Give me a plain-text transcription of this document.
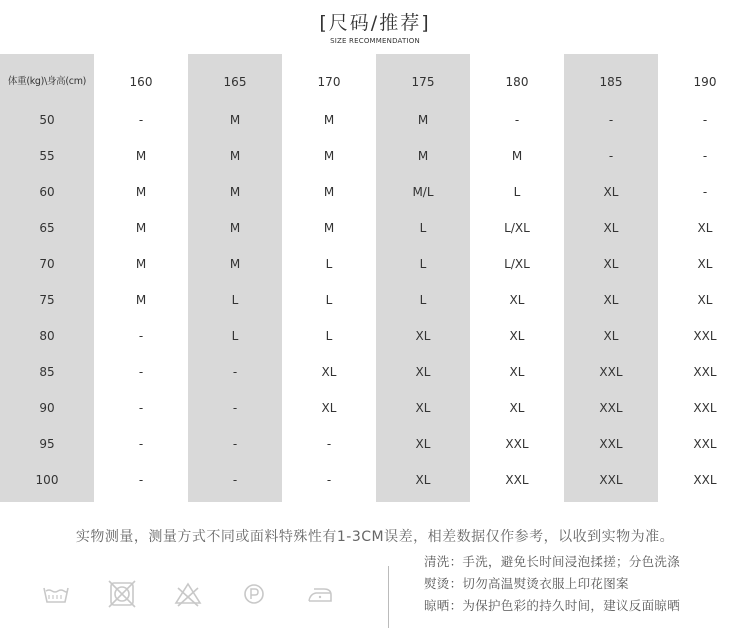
[尺码/推荐]
SIZE RECOMMENDATION
体重(kg)\身高(cm)	160	165	170	175	180	185	190
50	-	M	M	M	-	-	-
55	M	M	M	M	M	-	-
60	M	M	M	M/L	L	XL	-
65	M	M	M	L	L/XL	XL	XL
70	M	M	L	L	L/XL	XL	XL
75	M	L	L	L	XL	XL	XL
80	-	L	L	XL	XL	XL	XXL
85	-	-	XL	XL	XL	XXL	XXL
90	-	-	XL	XL	XL	XXL	XXL
95	-	-	-	XL	XXL	XXL	XXL
100	-	-	-	XL	XXL	XXL	XXL
实物测量，测量方式不同或面料特殊性有1-3CM误差，相差数据仅作参考，以收到实物为准。
清洗：手洗，避免长时间浸泡揉搓；分色洗涤
熨烫：切勿高温熨烫衣服上印花图案
晾晒：为保护色彩的持久时间，建议反面晾晒
